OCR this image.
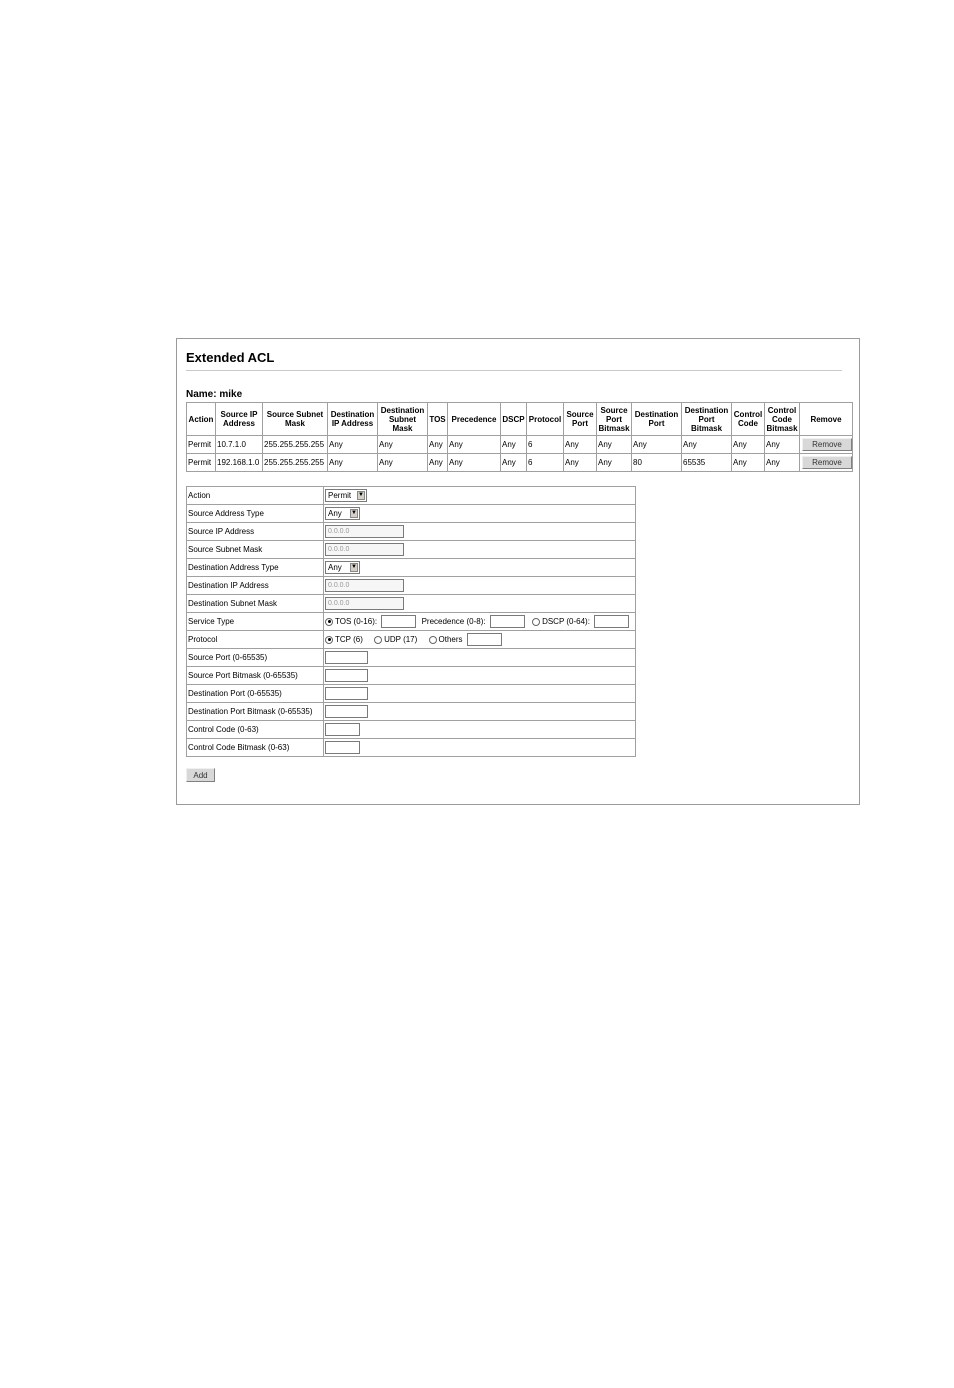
Extended ACL
Name: mike
Action	Source IP Address	Source Subnet Mask	Destination IP Address	Destination Subnet Mask	TOS	Precedence	DSCP	Protocol	Source Port	Source Port Bitmask	Destination Port	Destination Port Bitmask	Control Code	Control Code Bitmask	Remove
Permit	10.7.1.0	255.255.255.255	Any	Any	Any	Any	Any	6	Any	Any	Any	Any	Any	Any	Remove
Permit	192.168.1.0	255.255.255.255	Any	Any	Any	Any	Any	6	Any	Any	80	65535	Any	Any	Remove
Action	Permit ▼

Source Address Type	Any ▼

Source IP Address	0.0.0.0
Source Subnet Mask	0.0.0.0
Destination Address Type	Any ▼

Destination IP Address	0.0.0.0
Destination Subnet Mask	0.0.0.0
Service Type	TOS (0-16): Precedence (0-8): DSCP (0-64):
Protocol	TCP (6) UDP (17) Others
Source Port (0-65535)	
Source Port Bitmask (0-65535)	
Destination Port (0-65535)	
Destination Port Bitmask (0-65535)	
Control Code (0-63)	
Control Code Bitmask (0-63)	
Add
